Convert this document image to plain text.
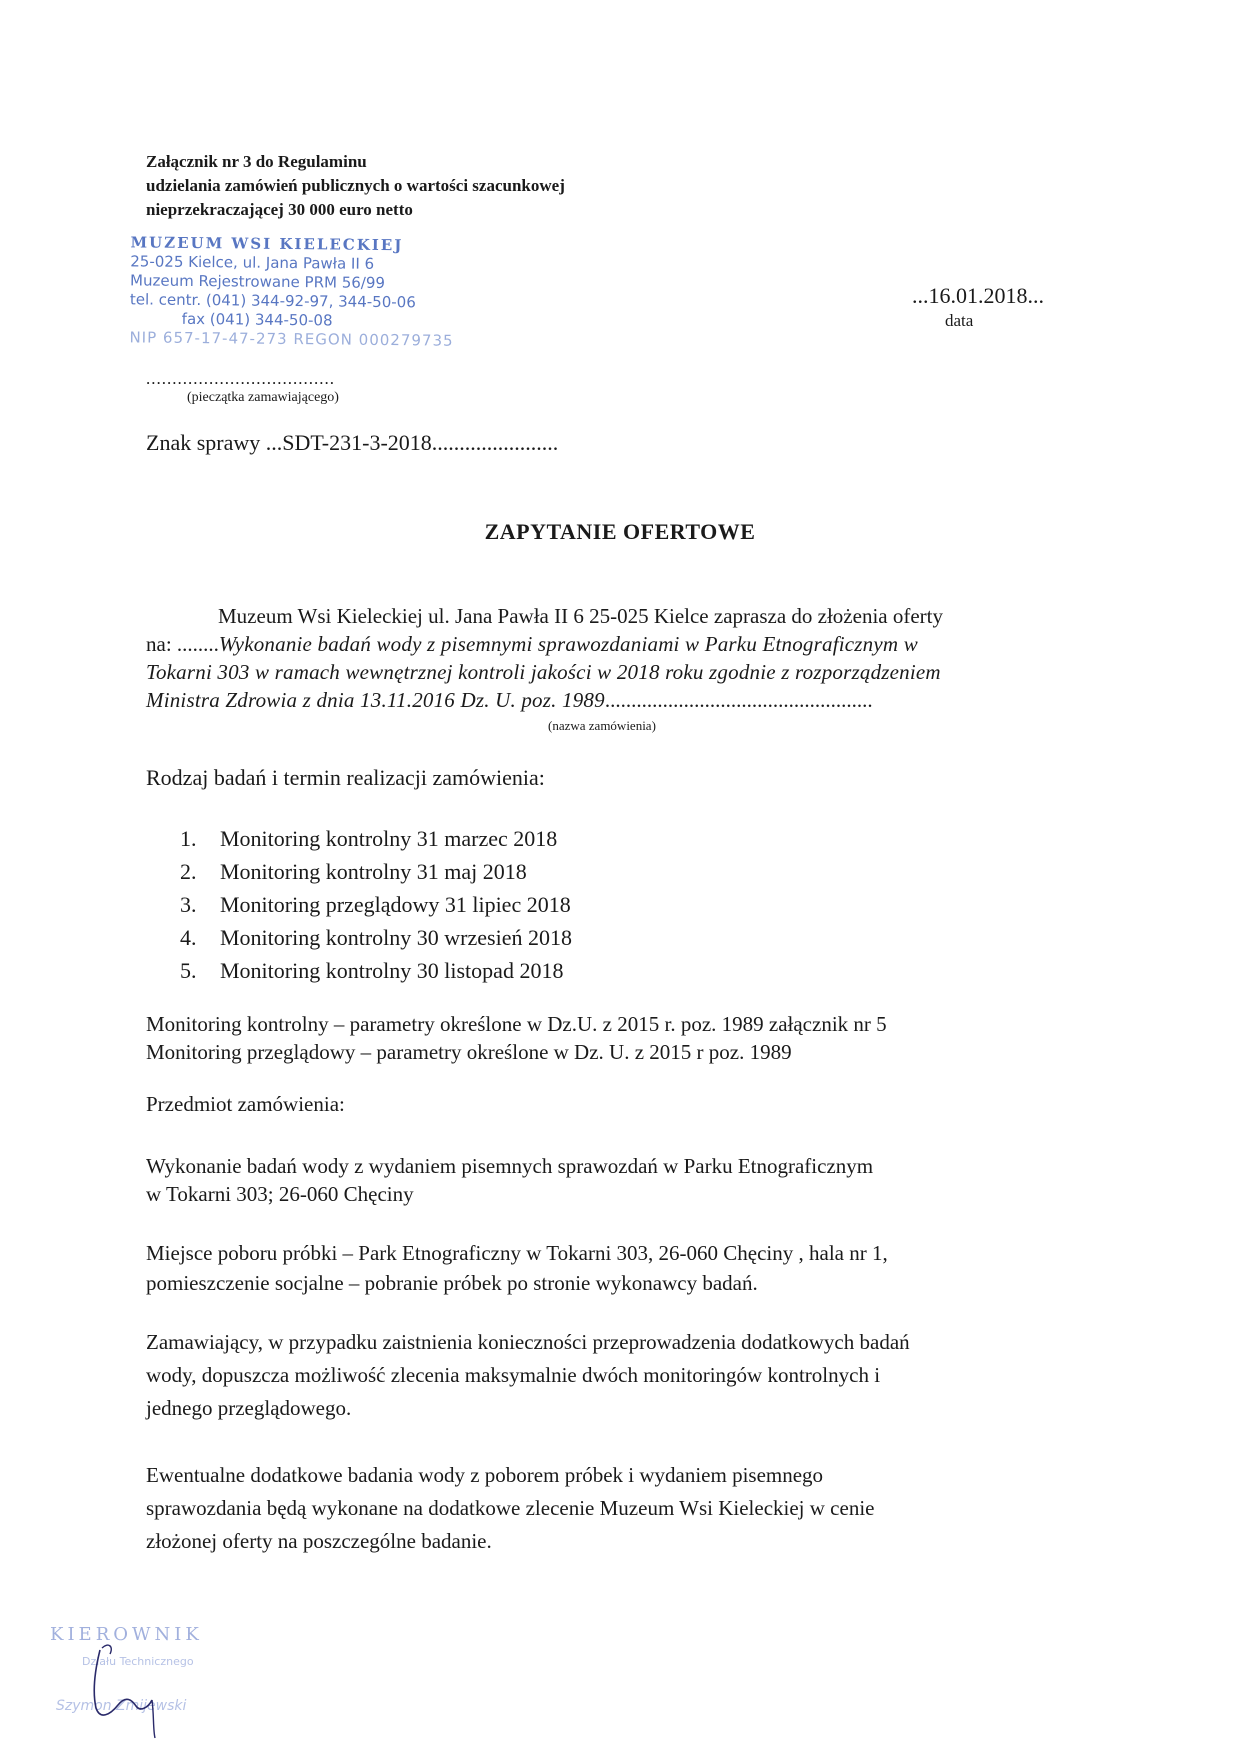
Załącznik nr 3 do Regulaminu
udzielania zamówień publicznych o wartości szacunkowej
nieprzekraczającej 30 000 euro netto
MUZEUM WSI KIELECKIEJ
25-025 Kielce, ul. Jana Pawła II 6
Muzeum Rejestrowane PRM 56/99
tel. centr. (041) 344-92-97, 344-50-06
fax (041) 344-50-08
NIP 657-17-47-273 REGON 000279735
...16.01.2018...
data
....................................
(pieczątka zamawiającego)
Znak sprawy ...SDT-231-3-2018.......................
ZAPYTANIE OFERTOWE
Muzeum Wsi Kieleckiej ul. Jana Pawła II 6 25-025 Kielce zaprasza do złożenia oferty
na: ........Wykonanie badań wody z pisemnymi sprawozdaniami w Parku Etnograficznym w
Tokarni 303 w ramach wewnętrznej kontroli jakości w 2018 roku zgodnie z rozporządzeniem
Ministra Zdrowia z dnia 13.11.2016 Dz. U. poz. 1989...................................................
(nazwa zamówienia)
Rodzaj badań i termin realizacji zamówienia:
1. Monitoring kontrolny 31 marzec 2018
2. Monitoring kontrolny 31 maj 2018
3. Monitoring przeglądowy 31 lipiec 2018
4. Monitoring kontrolny 30 wrzesień 2018
5. Monitoring kontrolny 30 listopad 2018
Monitoring kontrolny – parametry określone w Dz.U. z 2015 r. poz. 1989 załącznik nr 5
Monitoring przeglądowy – parametry określone w Dz. U. z 2015 r poz. 1989
Przedmiot zamówienia:
Wykonanie badań wody z wydaniem pisemnych sprawozdań w Parku Etnograficznym
w Tokarni 303; 26-060 Chęciny
Miejsce poboru próbki – Park Etnograficzny w Tokarni 303, 26-060 Chęciny , hala nr 1,
pomieszczenie socjalne – pobranie próbek po stronie wykonawcy badań.
Zamawiający, w przypadku zaistnienia konieczności przeprowadzenia dodatkowych badań
wody, dopuszcza możliwość zlecenia maksymalnie dwóch monitoringów kontrolnych i
jednego przeglądowego.
Ewentualne dodatkowe badania wody z poborem próbek i wydaniem pisemnego
sprawozdania będą wykonane na dodatkowe zlecenie Muzeum Wsi Kieleckiej w cenie
złożonej oferty na poszczególne badanie.
KIEROWNIK
Działu Technicznego
Szymon Zmijewski
